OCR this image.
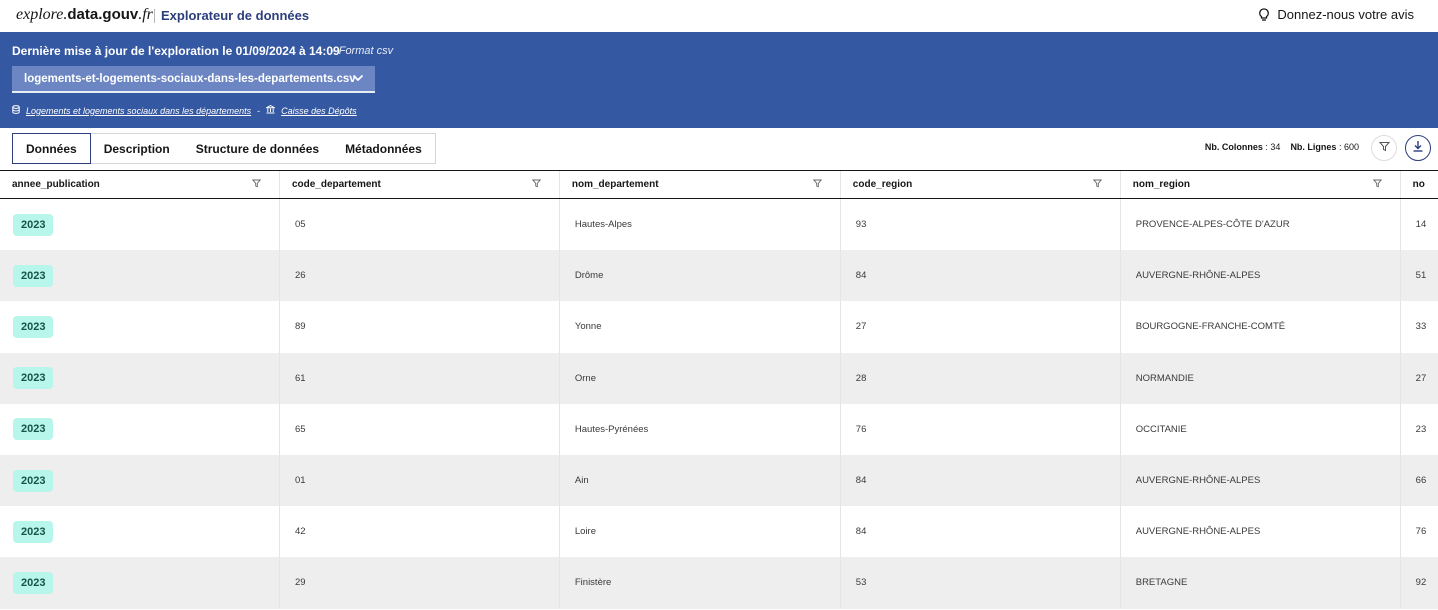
explore.data.gouv.fr Explorateur de données	Donnez-nous votre avis
Dernière mise à jour de l'exploration le 01/09/2024 à 14:09
- Format csv
logements-et-logements-sociaux-dans-les-departements.csv
Logements et logements sociaux dans les départements - Caisse des Dépôts
Données	Description	Structure de données	Métadonnées	Nb. Colonnes : 34 Nb. Lignes : 600
annee_publication	code_departement	nom_departement	code_region	nom_region	no
2023	05	Hautes-Alpes	93	PROVENCE-ALPES-CÔTE D'AZUR	14
2023	26	Drôme	84	AUVERGNE-RHÔNE-ALPES	51
2023	89	Yonne	27	BOURGOGNE-FRANCHE-COMTÉ	33
2023	61	Orne	28	NORMANDIE	27
2023	65	Hautes-Pyrénées	76	OCCITANIE	23
2023	01	Ain	84	AUVERGNE-RHÔNE-ALPES	66
2023	42	Loire	84	AUVERGNE-RHÔNE-ALPES	76
2023	29	Finistère	53	BRETAGNE	92
